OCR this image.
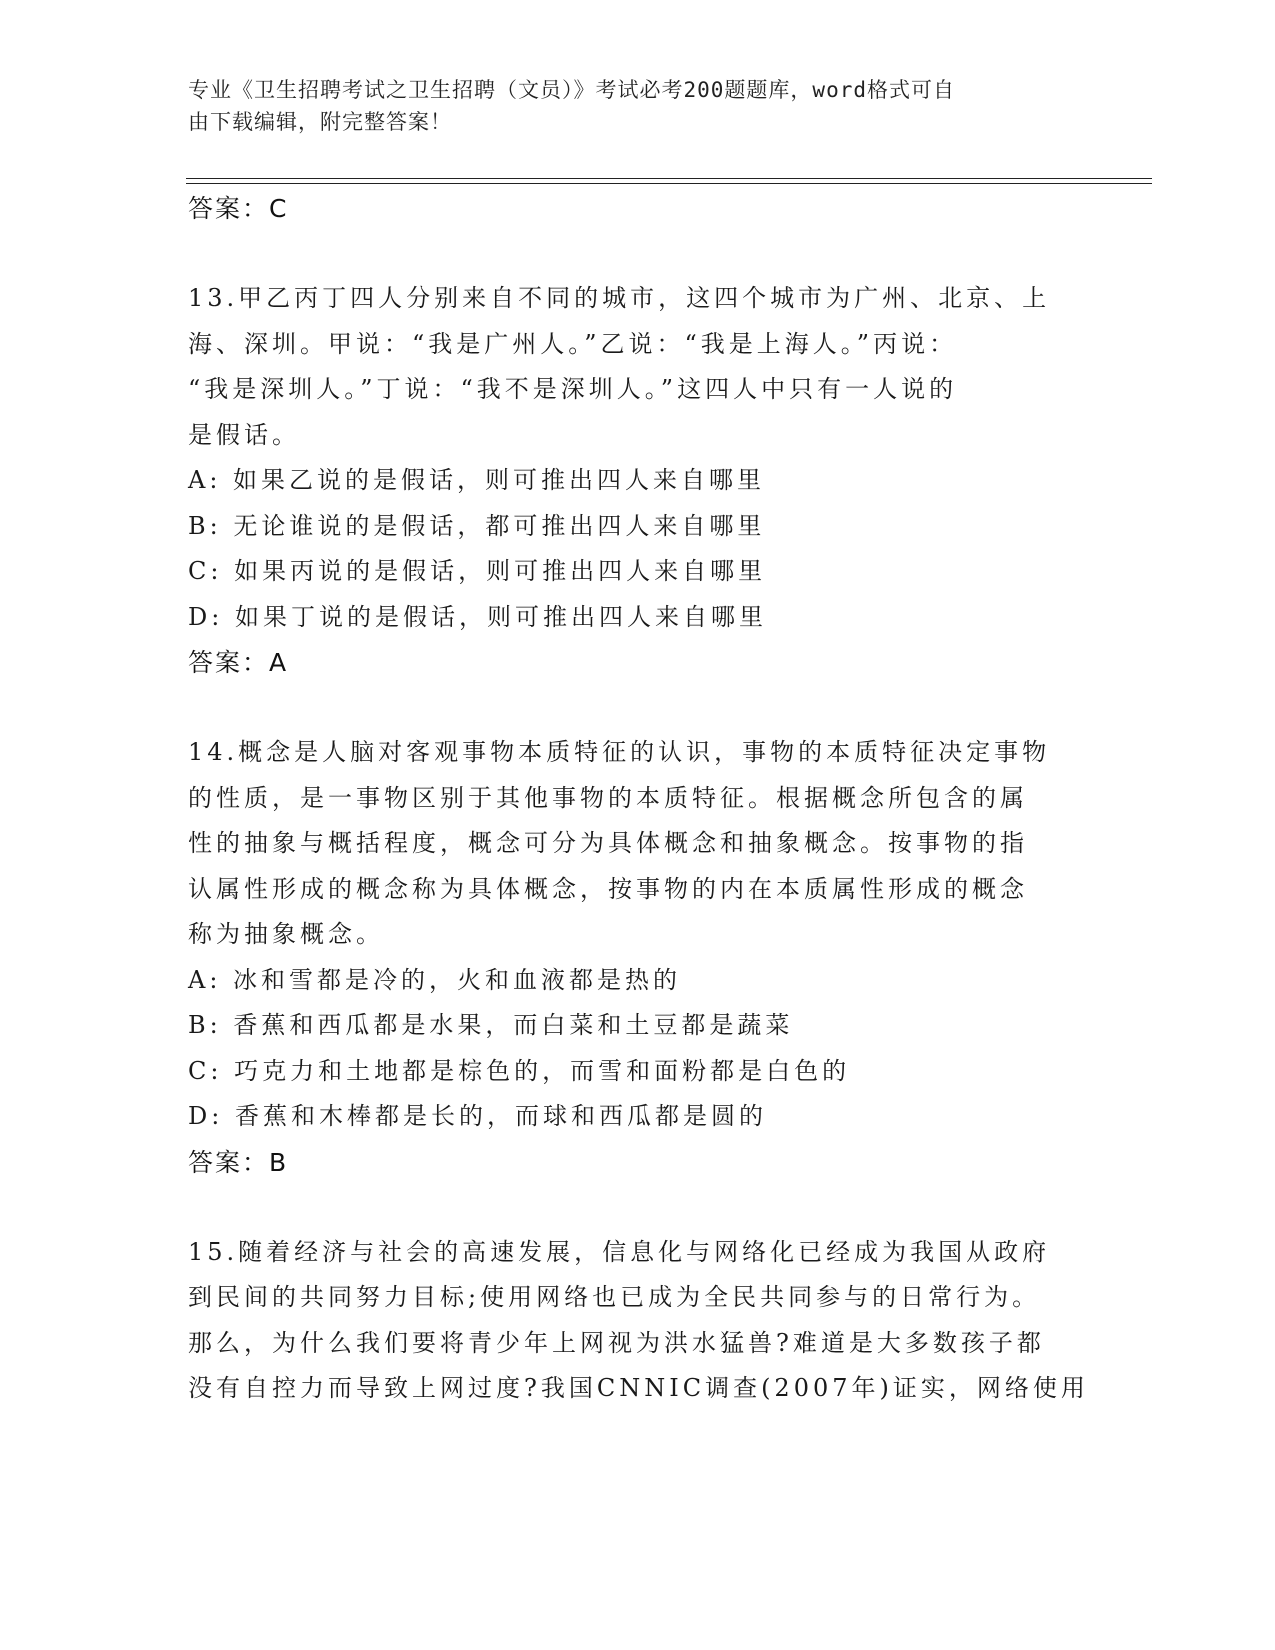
专业《卫生招聘考试之卫生招聘（文员）》考试必考200题题库，word格式可自
由下载编辑，附完整答案！
答案：C

13.甲乙丙丁四人分别来自不同的城市，这四个城市为广州、北京、上

海、深圳。甲说：“我是广州人。”乙说：“我是上海人。”丙说：

“我是深圳人。”丁说：“我不是深圳人。”这四人中只有一人说的

是假话。

A: 如果乙说的是假话，则可推出四人来自哪里
B: 无论谁说的是假话，都可推出四人来自哪里
C: 如果丙说的是假话，则可推出四人来自哪里
D: 如果丁说的是假话，则可推出四人来自哪里
答案：A

14.概念是人脑对客观事物本质特征的认识，事物的本质特征决定事物

的性质，是一事物区别于其他事物的本质特征。根据概念所包含的属

性的抽象与概括程度，概念可分为具体概念和抽象概念。按事物的指

认属性形成的概念称为具体概念，按事物的内在本质属性形成的概念

称为抽象概念。

A: 冰和雪都是冷的，火和血液都是热的
B: 香蕉和西瓜都是水果，而白菜和土豆都是蔬菜
C: 巧克力和土地都是棕色的，而雪和面粉都是白色的
D: 香蕉和木棒都是长的，而球和西瓜都是圆的
答案：B

15.随着经济与社会的高速发展，信息化与网络化已经成为我国从政府

到民间的共同努力目标;使用网络也已成为全民共同参与的日常行为。

那么，为什么我们要将青少年上网视为洪水猛兽?难道是大多数孩子都

没有自控力而导致上网过度?我国CNNIC调查(2007年)证实，网络使用
